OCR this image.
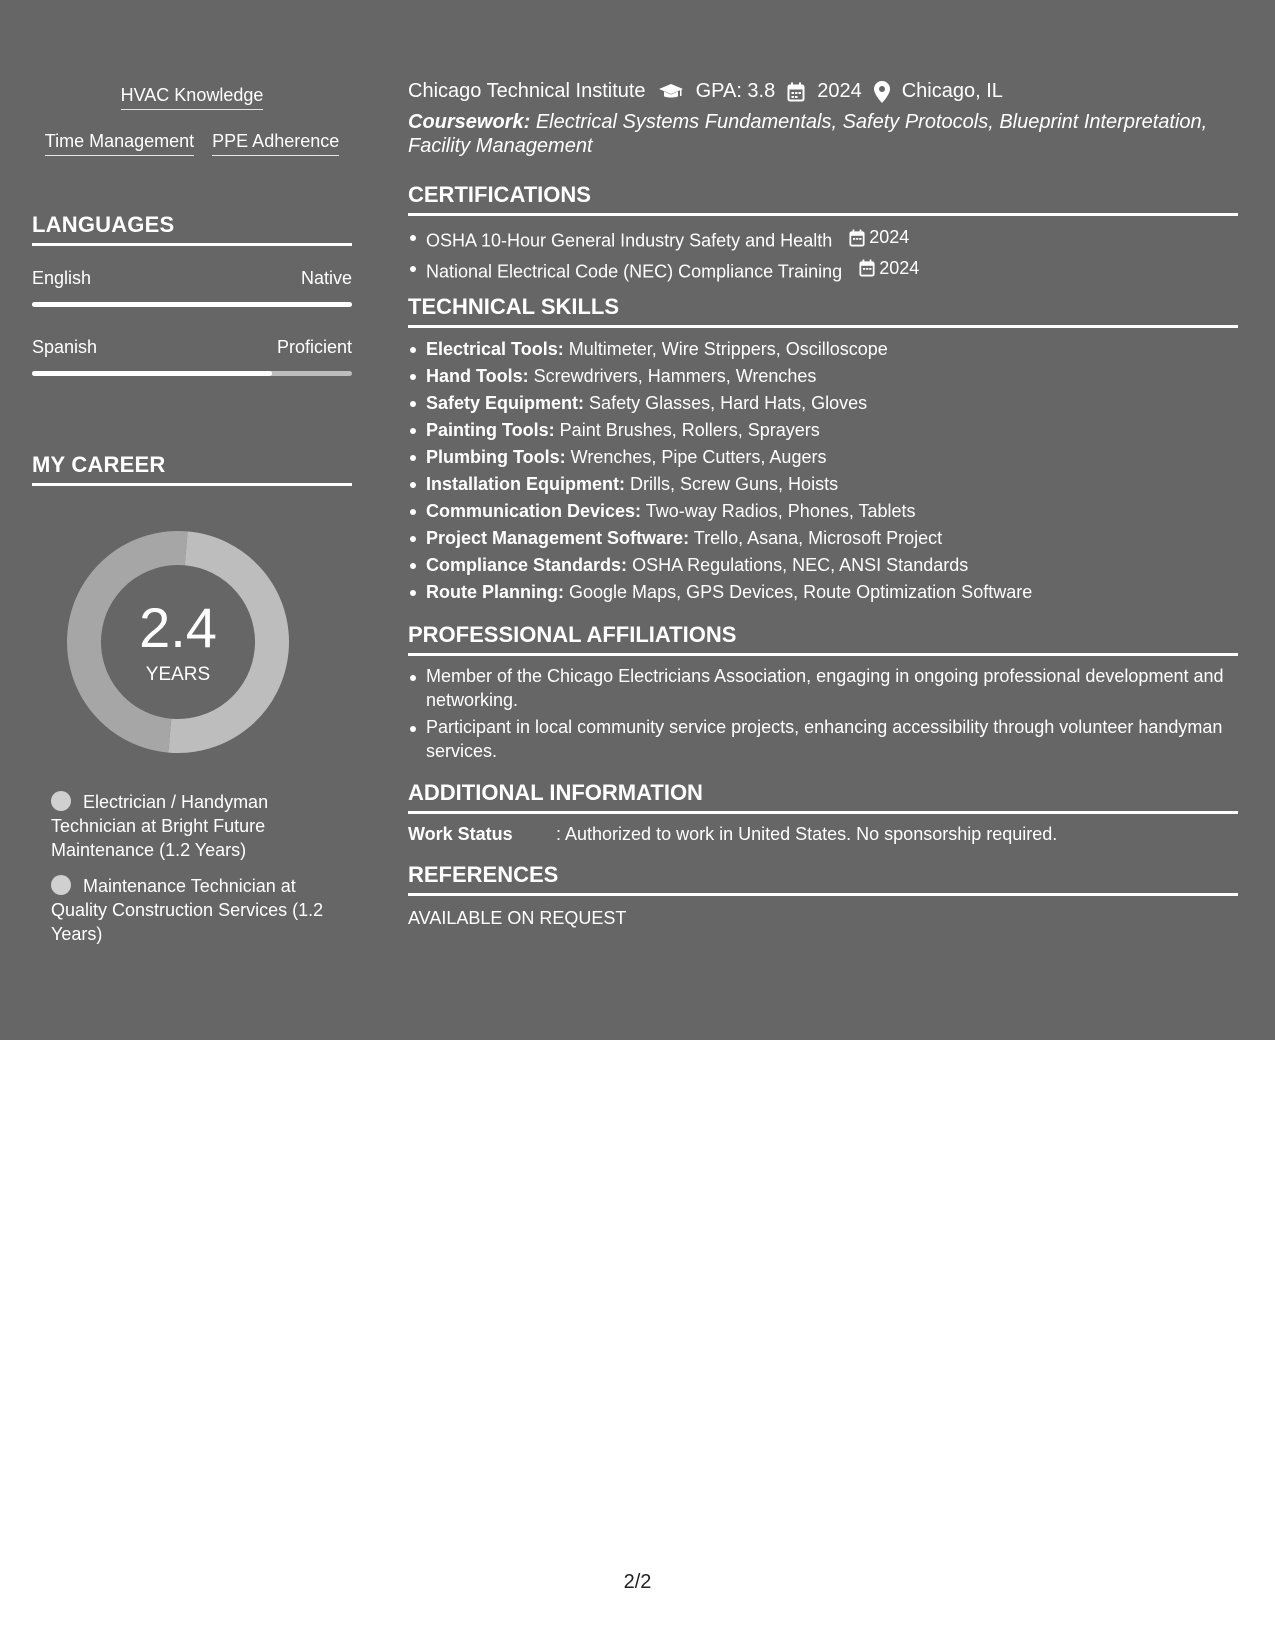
HVAC Knowledge
Time Management PPE Adherence
LANGUAGES
English	Native
Spanish	Proficient
MY CAREER
2.4
YEARS
Electrician / Handyman Technician at Bright Future Maintenance (1.2 Years)
Maintenance Technician at Quality Construction Services (1.2 Years)
Chicago Technical Institute	GPA: 3.8 2024 Chicago, IL
Coursework: Electrical Systems Fundamentals, Safety Protocols, Blueprint Interpretation, Facility Management
CERTIFICATIONS
OSHA 10-Hour General Industry Safety and Health 2024
National Electrical Code (NEC) Compliance Training 2024
TECHNICAL SKILLS
Electrical Tools: Multimeter, Wire Strippers, Oscilloscope
Hand Tools: Screwdrivers, Hammers, Wrenches
Safety Equipment: Safety Glasses, Hard Hats, Gloves
Painting Tools: Paint Brushes, Rollers, Sprayers
Plumbing Tools: Wrenches, Pipe Cutters, Augers
Installation Equipment: Drills, Screw Guns, Hoists
Communication Devices: Two-way Radios, Phones, Tablets
Project Management Software: Trello, Asana, Microsoft Project
Compliance Standards: OSHA Regulations, NEC, ANSI Standards
Route Planning: Google Maps, GPS Devices, Route Optimization Software
PROFESSIONAL AFFILIATIONS
Member of the Chicago Electricians Association, engaging in ongoing professional development and networking.
Participant in local community service projects, enhancing accessibility through volunteer handyman services.
ADDITIONAL INFORMATION
Work Status	: Authorized to work in United States. No sponsorship required.
REFERENCES
AVAILABLE ON REQUEST
2/2
